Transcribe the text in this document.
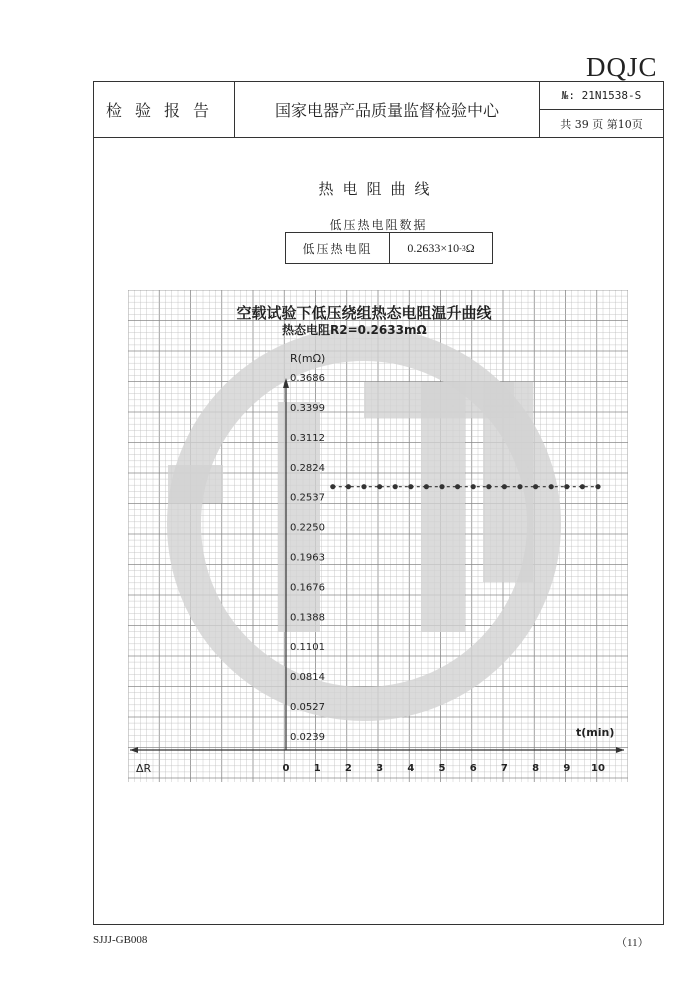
DQJC
检验报告	国家电器产品质量监督检验中心
№: 21N1538-S
共 39 页 第10页
热电阻曲线
低压热电阻数据
低压热电阻	0.2633×10 -3 Ω
空载试验下低压绕组热态电阻温升曲线
热态电阻R2=0.2633mΩ
R(mΩ)
t(min)
ΔR
0.3686
0.3399
0.3112
0.2824
0.2537
0.2250
0.1963
0.1676
0.1388
0.1101
0.0814
0.0527
0.0239
0 1 2 3 4 5 6 7 8 9 10
SJJJ-GB008	（11）
